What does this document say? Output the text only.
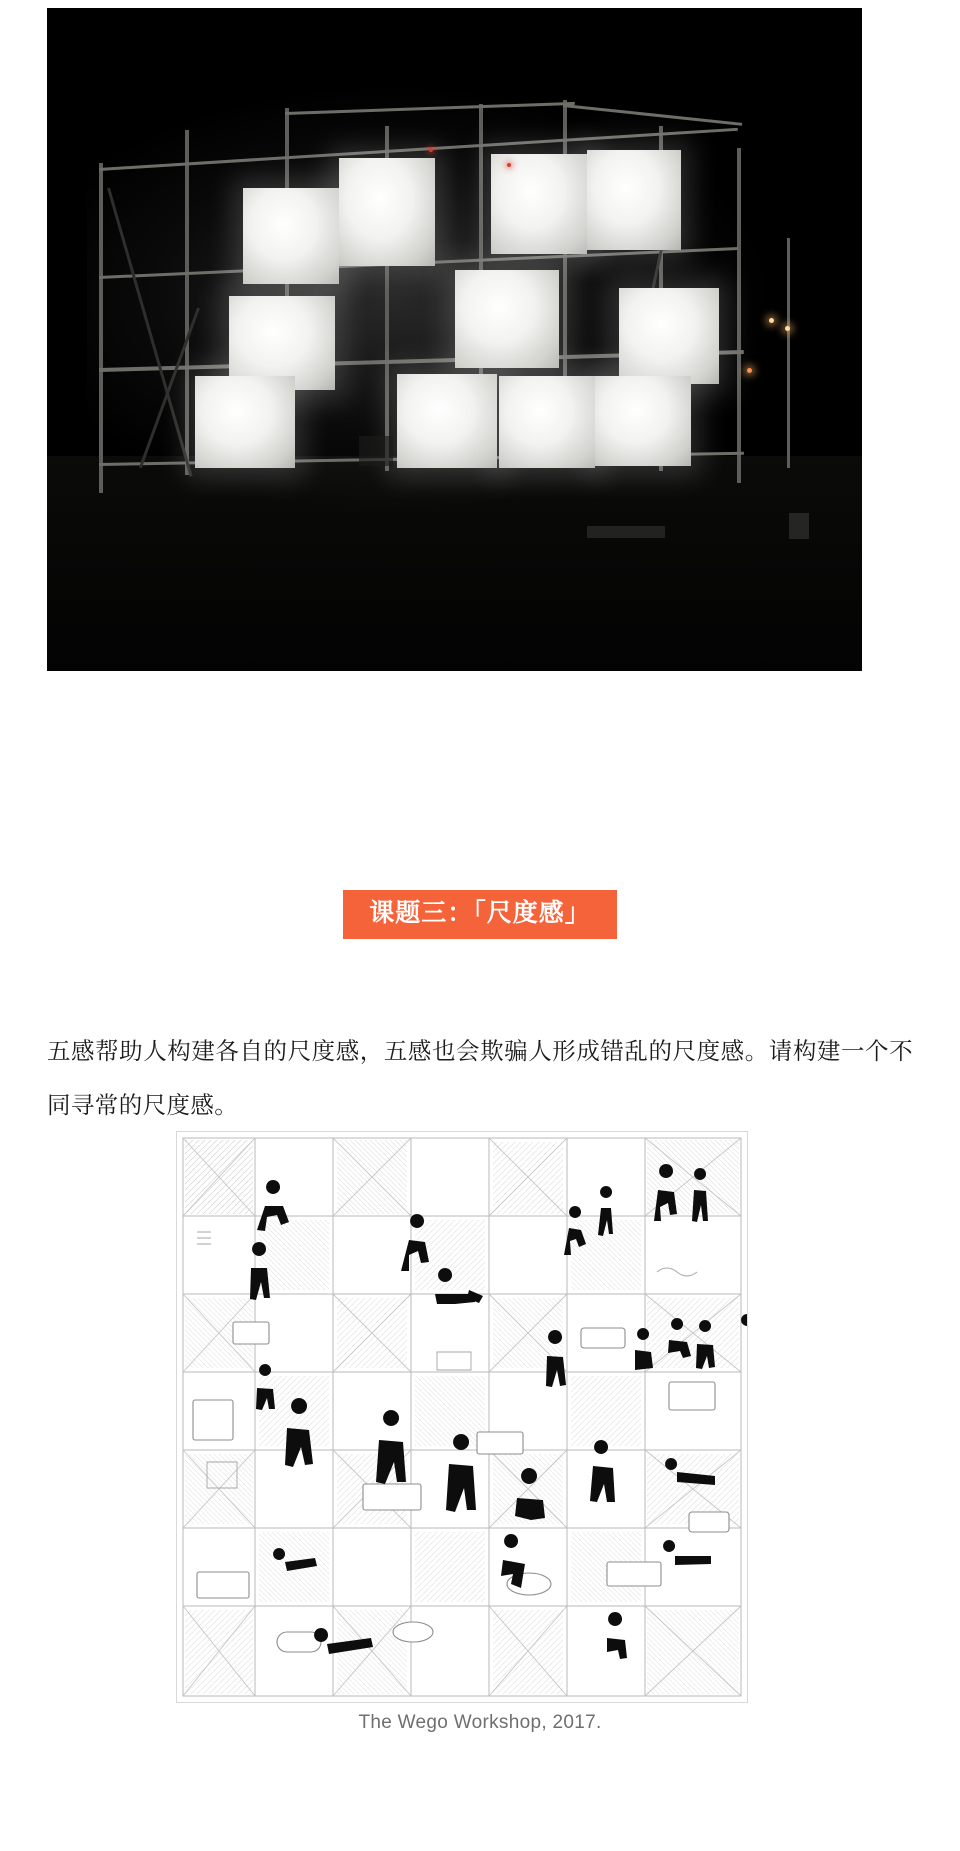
课题三：「尺度感」

五感帮助人构建各自的尺度感，五感也会欺骗人形成错乱的尺度感。请构建一个不同寻常的尺度感。

The Wego Workshop, 2017.
